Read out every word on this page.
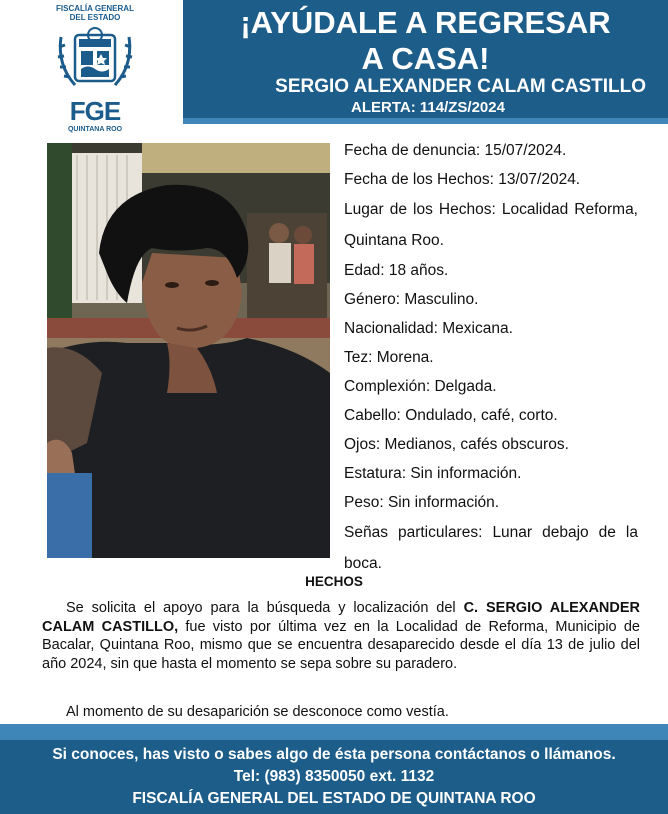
FISCALÍA GENERAL
DEL ESTADO
FGE
QUINTANA ROO
¡AYÚDALE A REGRESAR
A CASA!
SERGIO ALEXANDER CALAM CASTILLO
ALERTA: 114/ZS/2024
Fecha de denuncia: 15/07/2024.
Fecha de los Hechos: 13/07/2024.
Lugar de los Hechos: Localidad Reforma, Quintana Roo.
Edad: 18 años.
Género: Masculino.
Nacionalidad: Mexicana.
Tez: Morena.
Complexión: Delgada.
Cabello: Ondulado, café, corto.
Ojos: Medianos, cafés obscuros.
Estatura: Sin información.
Peso: Sin información.
Señas particulares: Lunar debajo de la boca.
HECHOS
Se solicita el apoyo para la búsqueda y localización del C. SERGIO ALEXANDER CALAM CASTILLO, fue visto por última vez en la Localidad de Reforma, Municipio de Bacalar, Quintana Roo, mismo que se encuentra desaparecido desde el día 13 de julio del año 2024, sin que hasta el momento se sepa sobre su paradero.
Al momento de su desaparición se desconoce como vestía.
Si conoces, has visto o sabes algo de ésta persona contáctanos o llámanos.
Tel: (983) 8350050 ext. 1132
FISCALÍA GENERAL DEL ESTADO DE QUINTANA ROO
